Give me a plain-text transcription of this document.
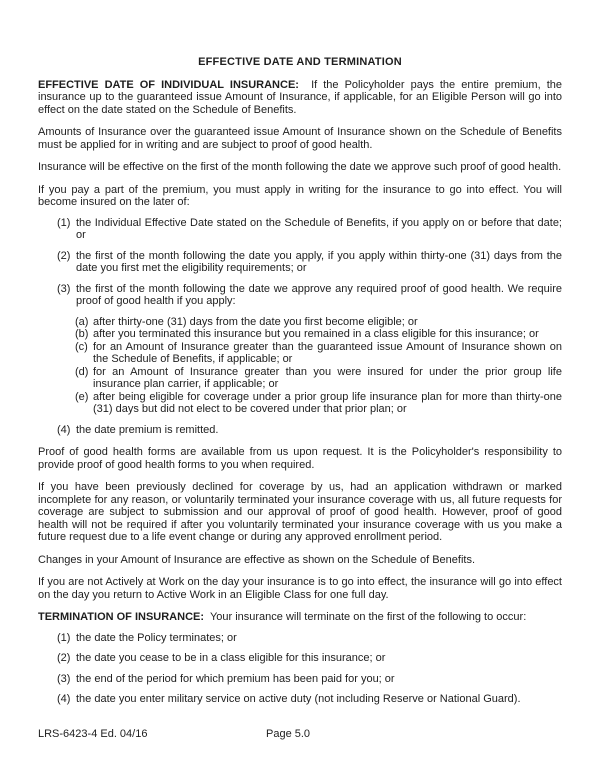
EFFECTIVE DATE AND TERMINATION

EFFECTIVE DATE OF INDIVIDUAL INSURANCE: If the Policyholder pays the entire premium, the insurance up to the guaranteed issue Amount of Insurance, if applicable, for an Eligible Person will go into effect on the date stated on the Schedule of Benefits.

Amounts of Insurance over the guaranteed issue Amount of Insurance shown on the Schedule of Benefits must be applied for in writing and are subject to proof of good health.

Insurance will be effective on the first of the month following the date we approve such proof of good health.

If you pay a part of the premium, you must apply in writing for the insurance to go into effect. You will become insured on the later of:

(1) the Individual Effective Date stated on the Schedule of Benefits, if you apply on or before that date; or
(2) the first of the month following the date you apply, if you apply within thirty-one (31) days from the date you first met the eligibility requirements; or
(3) the first of the month following the date we approve any required proof of good health. We require proof of good health if you apply:
(a) after thirty-one (31) days from the date you first become eligible; or
(b) after you terminated this insurance but you remained in a class eligible for this insurance; or
(c) for an Amount of Insurance greater than the guaranteed issue Amount of Insurance shown on the Schedule of Benefits, if applicable; or
(d) for an Amount of Insurance greater than you were insured for under the prior group life insurance plan carrier, if applicable; or
(e) after being eligible for coverage under a prior group life insurance plan for more than thirty-one (31) days but did not elect to be covered under that prior plan; or
(4) the date premium is remitted.

Proof of good health forms are available from us upon request. It is the Policyholder's responsibility to provide proof of good health forms to you when required.

If you have been previously declined for coverage by us, had an application withdrawn or marked incomplete for any reason, or voluntarily terminated your insurance coverage with us, all future requests for coverage are subject to submission and our approval of proof of good health. However, proof of good health will not be required if after you voluntarily terminated your insurance coverage with us you make a future request due to a life event change or during any approved enrollment period.

Changes in your Amount of Insurance are effective as shown on the Schedule of Benefits.

If you are not Actively at Work on the day your insurance is to go into effect, the insurance will go into effect on the day you return to Active Work in an Eligible Class for one full day.

TERMINATION OF INSURANCE: Your insurance will terminate on the first of the following to occur:

(1) the date the Policy terminates; or
(2) the date you cease to be in a class eligible for this insurance; or
(3) the end of the period for which premium has been paid for you; or
(4) the date you enter military service on active duty (not including Reserve or National Guard).
LRS-6423-4 Ed. 04/16	Page 5.0
